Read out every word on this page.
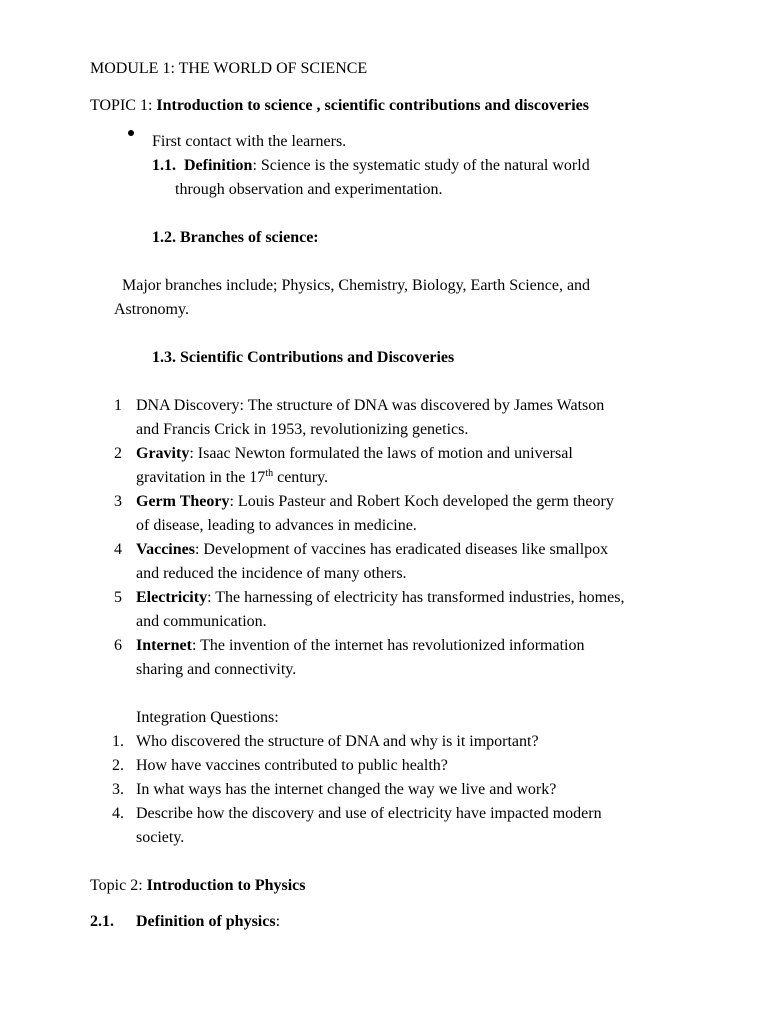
MODULE 1: THE WORLD OF SCIENCE
TOPIC 1: Introduction to science , scientific contributions and discoveries
First contact with the learners.
1.1. Definition: Science is the systematic study of the natural world
through observation and experimentation.
1.2. Branches of science:
Major branches include; Physics, Chemistry, Biology, Earth Science, and
Astronomy.
1.3. Scientific Contributions and Discoveries
1 DNA Discovery: The structure of DNA was discovered by James Watson
and Francis Crick in 1953, revolutionizing genetics.
2 Gravity: Isaac Newton formulated the laws of motion and universal
gravitation in the 17th century.
3 Germ Theory: Louis Pasteur and Robert Koch developed the germ theory
of disease, leading to advances in medicine.
4 Vaccines: Development of vaccines has eradicated diseases like smallpox
and reduced the incidence of many others.
5 Electricity: The harnessing of electricity has transformed industries, homes,
and communication.
6 Internet: The invention of the internet has revolutionized information
sharing and connectivity.
Integration Questions:
1. Who discovered the structure of DNA and why is it important?
2. How have vaccines contributed to public health?
3. In what ways has the internet changed the way we live and work?
4. Describe how the discovery and use of electricity have impacted modern
society.
Topic 2: Introduction to Physics
2.1. Definition of physics:
